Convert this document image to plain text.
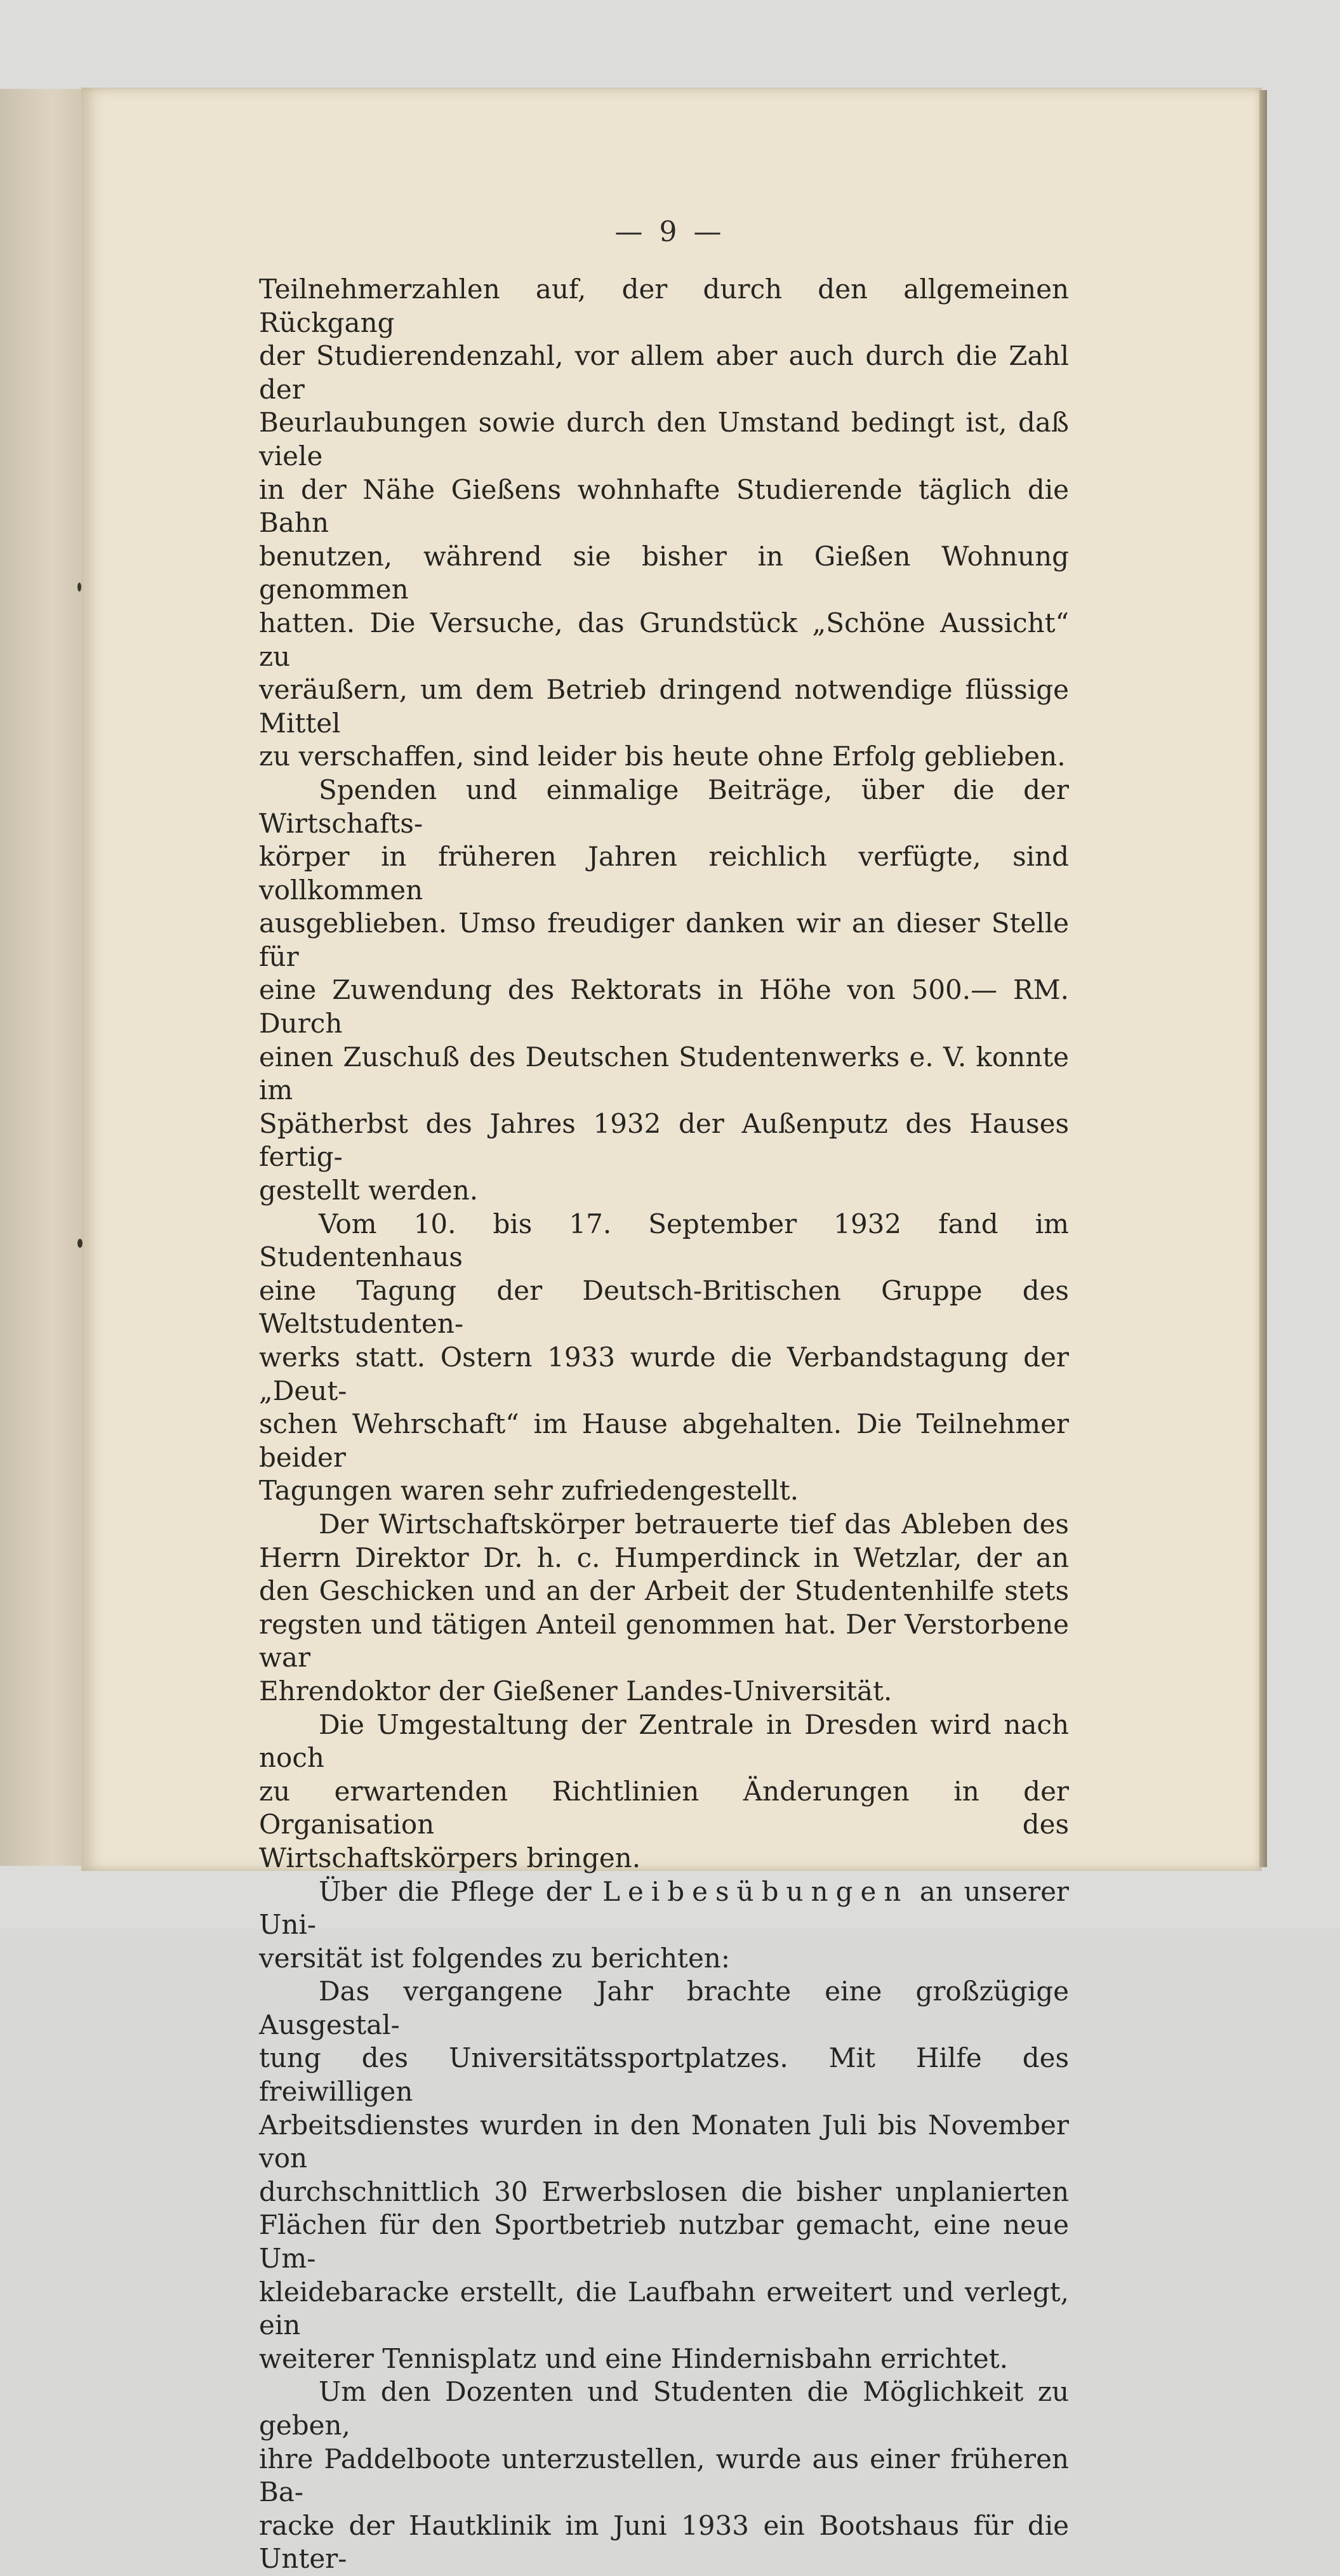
— 9 —

Teilnehmerzahlen auf, der durch den allgemeinen Rückgang

der Studierendenzahl, vor allem aber auch durch die Zahl der

Beurlaubungen sowie durch den Umstand bedingt ist, daß viele

in der Nähe Gießens wohnhafte Studierende täglich die Bahn

benutzen, während sie bisher in Gießen Wohnung genommen

hatten. Die Versuche, das Grundstück „Schöne Aussicht“ zu

veräußern, um dem Betrieb dringend notwendige flüssige Mittel

zu verschaffen, sind leider bis heute ohne Erfolg geblieben.

Spenden und einmalige Beiträge, über die der Wirtschafts-

körper in früheren Jahren reichlich verfügte, sind vollkommen

ausgeblieben. Umso freudiger danken wir an dieser Stelle für

eine Zuwendung des Rektorats in Höhe von 500.— RM. Durch

einen Zuschuß des Deutschen Studentenwerks e. V. konnte im

Spätherbst des Jahres 1932 der Außenputz des Hauses fertig-

gestellt werden.

Vom 10. bis 17. September 1932 fand im Studentenhaus

eine Tagung der Deutsch-Britischen Gruppe des Weltstudenten-

werks statt. Ostern 1933 wurde die Verbandstagung der „Deut-

schen Wehrschaft“ im Hause abgehalten. Die Teilnehmer beider

Tagungen waren sehr zufriedengestellt.

Der Wirtschaftskörper betrauerte tief das Ableben des

Herrn Direktor Dr. h. c. Humperdinck in Wetzlar, der an

den Geschicken und an der Arbeit der Studentenhilfe stets

regsten und tätigen Anteil genommen hat. Der Verstorbene war

Ehrendoktor der Gießener Landes-Universität.

Die Umgestaltung der Zentrale in Dresden wird nach noch

zu erwartenden Richtlinien Änderungen in der Organisation des

Wirtschaftskörpers bringen.

Über die Pflege der Leibesübungen an unserer Uni-

versität ist folgendes zu berichten:

Das vergangene Jahr brachte eine großzügige Ausgestal-

tung des Universitätssportplatzes. Mit Hilfe des freiwilligen

Arbeitsdienstes wurden in den Monaten Juli bis November von

durchschnittlich 30 Erwerbslosen die bisher unplanierten

Flächen für den Sportbetrieb nutzbar gemacht, eine neue Um-

kleidebaracke erstellt, die Laufbahn erweitert und verlegt, ein

weiterer Tennisplatz und eine Hindernisbahn errichtet.

Um den Dozenten und Studenten die Möglichkeit zu geben,

ihre Paddelboote unterzustellen, wurde aus einer früheren Ba-

racke der Hautklinik im Juni 1933 ein Bootshaus für die Unter-
